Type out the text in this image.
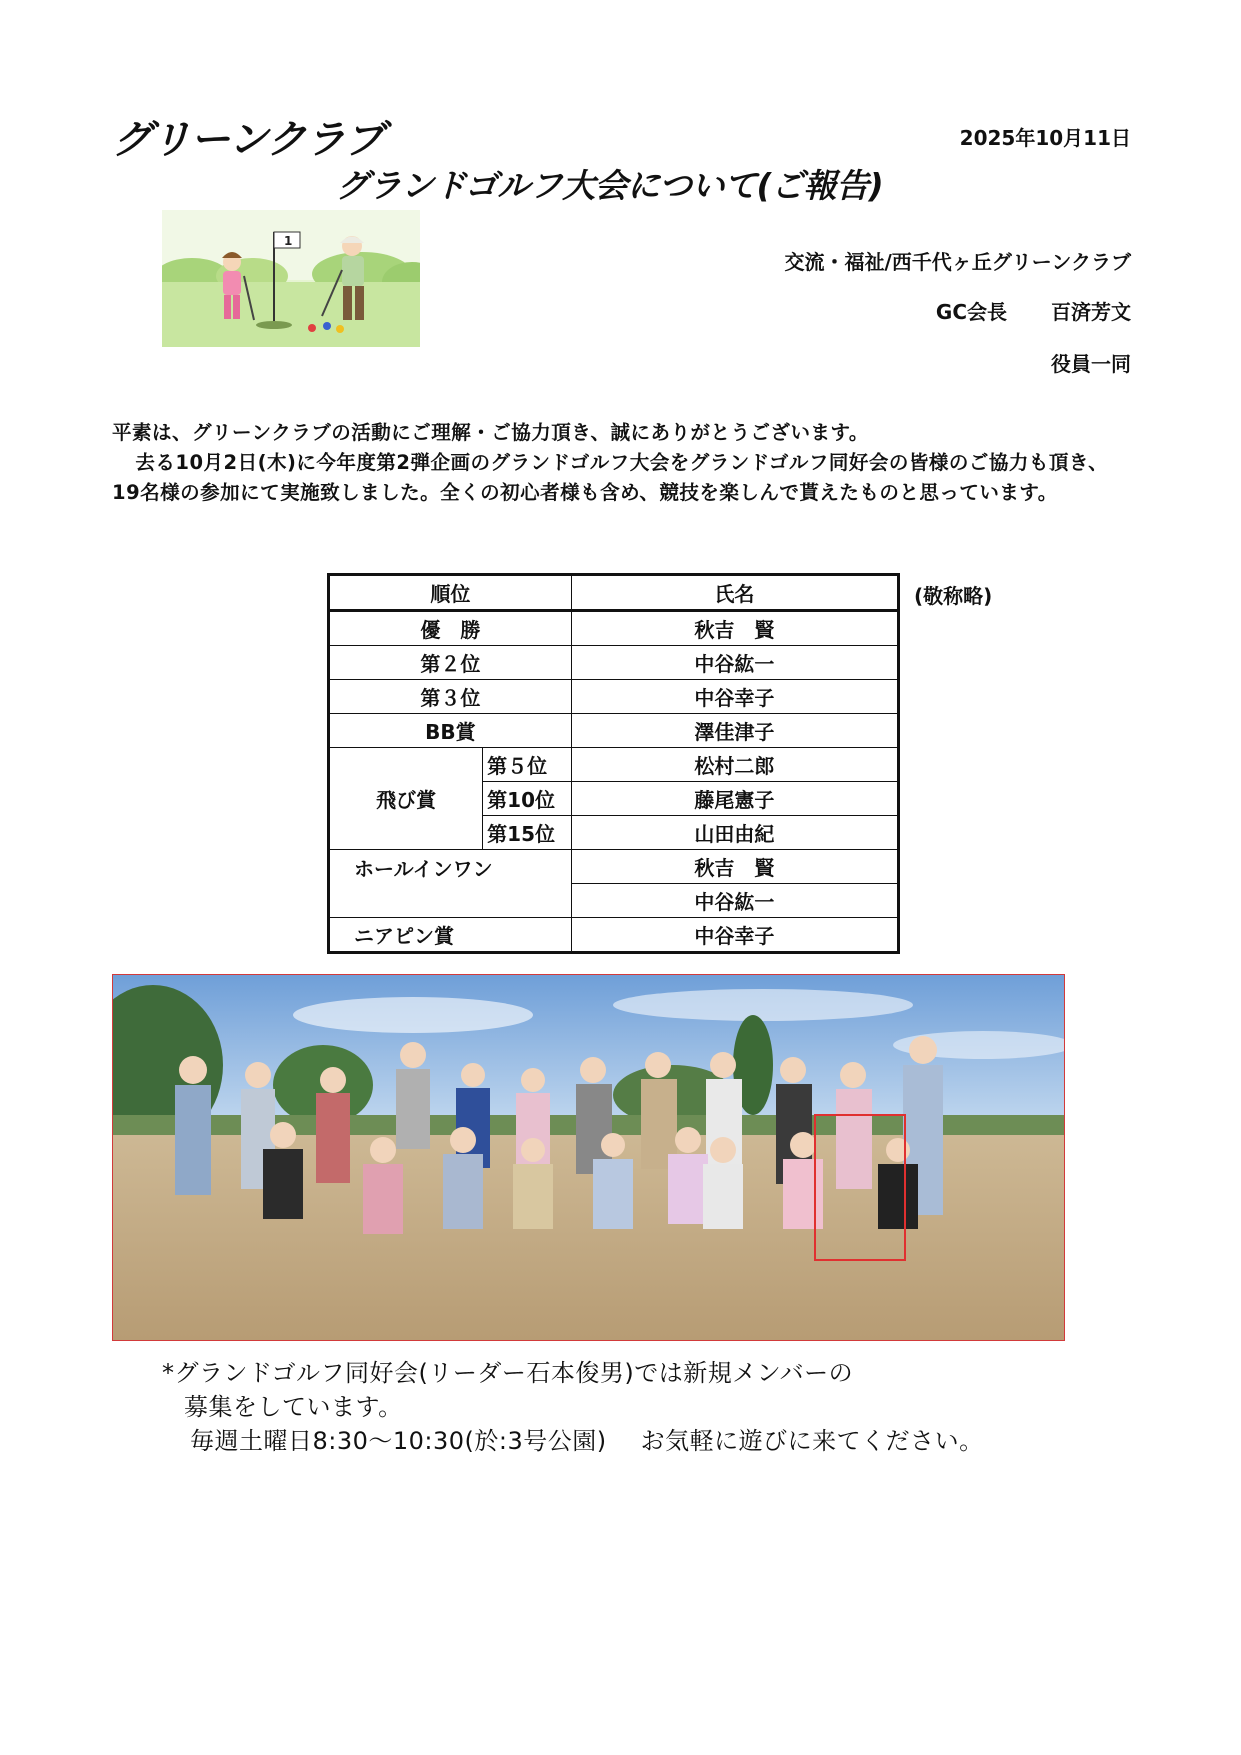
グリーンクラブ	2025年10月11日
グランドゴルフ大会について(ご報告)
1
交流・福祉/西千代ヶ丘グリーンクラブ
GC会長 百済芳文
役員一同

平素は、グリーンクラブの活動にご理解・ご協力頂き、誠にありがとうございます。

去る10月2日(木)に今年度第2弾企画のグランドゴルフ大会をグランドゴルフ同好会の皆様のご協力も頂き、19名様の参加にて実施致しました。全くの初心者様も含め、競技を楽しんで貰えたものと思っています。

順位		氏名
優　勝		秋吉　賢
第２位		中谷紘一
第３位		中谷幸子
BB賞		澤佳津子
飛び賞	第５位	松村二郎
	第10位	藤尾憲子
	第15位	山田由紀
ホールインワン		秋吉　賢
		中谷紘一
ニアピン賞		中谷幸子
(敬称略)

*グランドゴルフ同好会(リーダー石本俊男)では新規メンバーの

募集をしています。

毎週土曜日8:30〜10:30(於:3号公園) お気軽に遊びに来てください。
